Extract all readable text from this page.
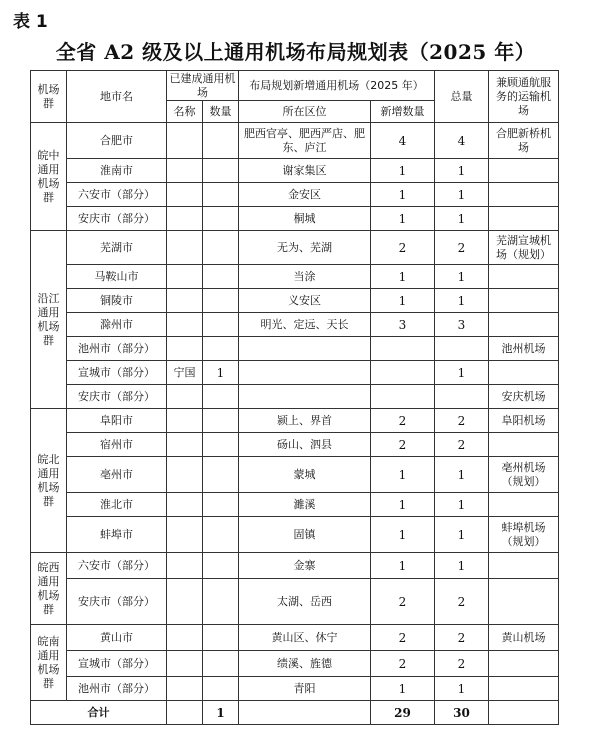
表 1
全省 A2 级及以上通用机场布局规划表（2025 年）
机场群	地市名	已建成通用机场		布局规划新增通用机场（2025 年）		总量	兼顾通航服务的运输机场
		名称	数量	所在区位	新增数量		
皖中通用机场群	合肥市			肥西官亭、肥西严店、肥东、庐江	4	4	合肥新桥机场
	淮南市			谢家集区	1	1	
	六安市（部分）			金安区	1	1	
	安庆市（部分）			桐城	1	1	
沿江通用机场群	芜湖市			无为、芜湖	2	2	芜湖宣城机场（规划）
	马鞍山市			当涂	1	1	
	铜陵市			义安区	1	1	
	滁州市			明光、定远、天长	3	3	
	池州市（部分）						池州机场
	宣城市（部分）	宁国	1			1	
	安庆市（部分）						安庆机场
皖北通用机场群	阜阳市			颍上、界首	2	2	阜阳机场
	宿州市			砀山、泗县	2	2	
	亳州市			蒙城	1	1	亳州机场（规划）
	淮北市			濉溪	1	1	
	蚌埠市			固镇	1	1	蚌埠机场（规划）
皖西通用机场群	六安市（部分）			金寨	1	1	
	安庆市（部分）			太湖、岳西	2	2	
皖南通用机场群	黄山市			黄山区、休宁	2	2	黄山机场
	宣城市（部分）			绩溪、旌德	2	2	
	池州市（部分）			青阳	1	1	
合计			1		29	30	
